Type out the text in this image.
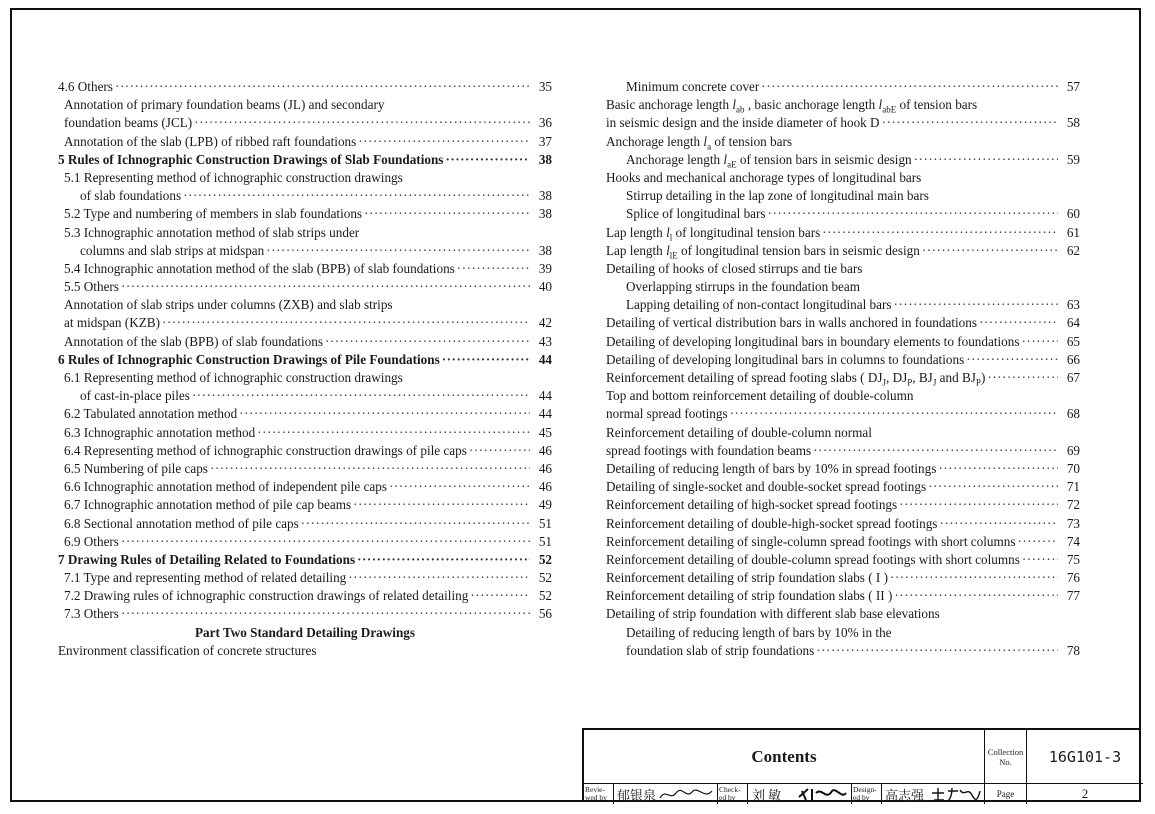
4.6 Others ·····	35
Annotation of primary foundation beams (JL) and secondary
foundation beams (JCL) ·····	36
Annotation of the slab (LPB) of ribbed raft foundations ·····	37
5 Rules of Ichnographic Construction Drawings of Slab Foundations ·····	38
5.1 Representing method of ichnographic construction drawings
of slab foundations ·····	38
5.2 Type and numbering of members in slab foundations ·····	38
5.3 Ichnographic annotation method of slab strips under
columns and slab strips at midspan ·····	38
5.4 Ichnographic annotation method of the slab (BPB) of slab foundations ·····	39
5.5 Others ·····	40
Annotation of slab strips under columns (ZXB) and slab strips
at midspan (KZB) ·····	42
Annotation of the slab (BPB) of slab foundations ·····	43
6 Rules of Ichnographic Construction Drawings of Pile Foundations ·····	44
6.1 Representing method of ichnographic construction drawings
of cast-in-place piles ·····	44
6.2 Tabulated annotation method ·····	44
6.3 Ichnographic annotation method ·····	45
6.4 Representing method of ichnographic construction drawings of pile caps ·····	46
6.5 Numbering of pile caps ·····	46
6.6 Ichnographic annotation method of independent pile caps ·····	46
6.7 Ichnographic annotation method of pile cap beams ·····	49
6.8 Sectional annotation method of pile caps ·····	51
6.9 Others ·····	51
7 Drawing Rules of Detailing Related to Foundations ·····	52
7.1 Type and representing method of related detailing ·····	52
7.2 Drawing rules of ichnographic construction drawings of related detailing ·····	52
7.3 Others ·····	56
Part Two Standard Detailing Drawings
Environment classification of concrete structures
Minimum concrete cover ·····	57
Basic anchorage length $l_{ab}$ , basic anchorage length $l_{abE}$ of tension bars
in seismic design and the inside diameter of hook D ·····	58
Anchorage length $l_a$ of tension bars
Anchorage length $l_{aE}$ of tension bars in seismic design ·····	59
Hooks and mechanical anchorage types of longitudinal bars
Stirrup detailing in the lap zone of longitudinal main bars
Splice of longitudinal bars ·····	60
Lap length $l_l$ of longitudinal tension bars ·····	61
Lap length $l_{lE}$ of longitudinal tension bars in seismic design ·····	62
Detailing of hooks of closed stirrups and tie bars
Overlapping stirrups in the foundation beam
Lapping detailing of non-contact longitudinal bars ·····	63
Detailing of vertical distribution bars in walls anchored in foundations ·····	64
Detailing of developing longitudinal bars in boundary elements to foundations ·····	65
Detailing of developing longitudinal bars in columns to foundations ·····	66
Reinforcement detailing of spread footing slabs ( $DJ_J$, $DJ_P$, $BJ_J$ and $BJ_P$) ·····	67
Top and bottom reinforcement detailing of double-column
normal spread footings ·····	68
Reinforcement detailing of double-column normal
spread footings with foundation beams ·····	69
Detailing of reducing length of bars by 10% in spread footings ·····	70
Detailing of single-socket and double-socket spread footings ·····	71
Reinforcement detailing of high-socket spread footings ·····	72
Reinforcement detailing of double-high-socket spread footings ·····	73
Reinforcement detailing of single-column spread footings with short columns ·····	74
Reinforcement detailing of double-column spread footings with short columns ·····	75
Reinforcement detailing of strip foundation slabs ( I ) ·····	76
Reinforcement detailing of strip foundation slabs ( II ) ·····	77
Detailing of strip foundation with different slab base elevations
Detailing of reducing length of bars by 10% in the
foundation slab of strip foundations ·····	78
Contents	Collection No.	16G101-3
Revie-wed by 郁银泉	Check-ed by	刘 敏	Design-ed by	高志强	Page	2
